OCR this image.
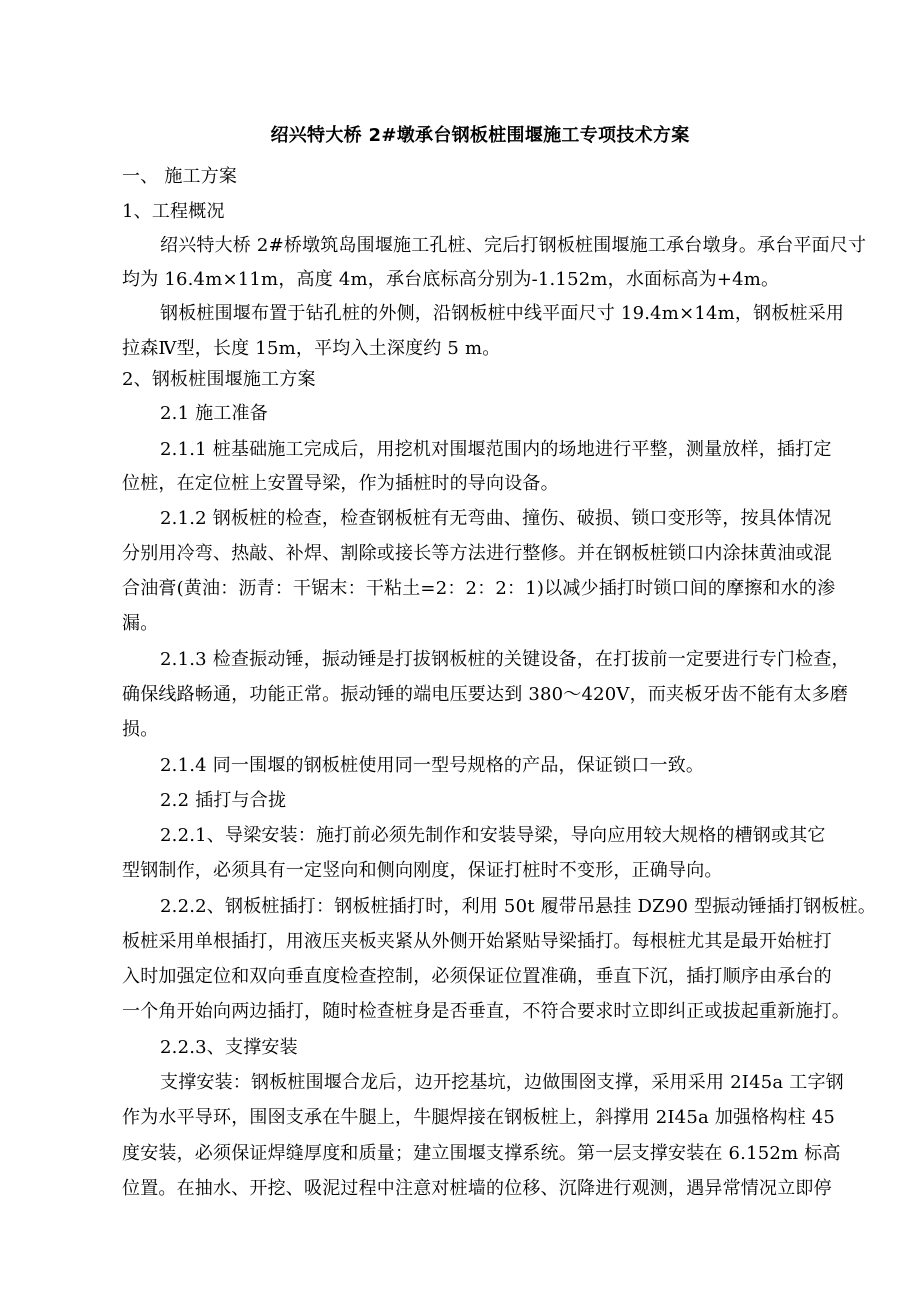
绍兴特大桥 2#墩承台钢板桩围堰施工专项技术方案
一、 施工方案
1、工程概况
绍兴特大桥 2#桥墩筑岛围堰施工孔桩、完后打钢板桩围堰施工承台墩身。承台平面尺寸
均为 16.4m×11m，高度 4m，承台底标高分别为-1.152m，水面标高为+4m。
钢板桩围堰布置于钻孔桩的外侧，沿钢板桩中线平面尺寸 19.4m×14m，钢板桩采用
拉森Ⅳ型，长度 15m，平均入土深度约 5 m。
2、钢板桩围堰施工方案
2.1 施工准备
2.1.1 桩基础施工完成后，用挖机对围堰范围内的场地进行平整，测量放样，插打定
位桩，在定位桩上安置导梁，作为插桩时的导向设备。
2.1.2 钢板桩的检查，检查钢板桩有无弯曲、撞伤、破损、锁口变形等，按具体情况
分别用冷弯、热敲、补焊、割除或接长等方法进行整修。并在钢板桩锁口内涂抹黄油或混
合油膏(黄油：沥青：干锯末：干粘土=2：2：2：1)以减少插打时锁口间的摩擦和水的渗
漏。
2.1.3 检查振动锤，振动锤是打拔钢板桩的关键设备，在打拔前一定要进行专门检查，
确保线路畅通，功能正常。振动锤的端电压要达到 380～420V，而夹板牙齿不能有太多磨
损。
2.1.4 同一围堰的钢板桩使用同一型号规格的产品，保证锁口一致。
2.2 插打与合拢
2.2.1、导梁安装：施打前必须先制作和安装导梁，导向应用较大规格的槽钢或其它
型钢制作，必须具有一定竖向和侧向刚度，保证打桩时不变形，正确导向。
2.2.2、钢板桩插打：钢板桩插打时，利用 50t 履带吊悬挂 DZ90 型振动锤插打钢板桩。
板桩采用单根插打，用液压夹板夹紧从外侧开始紧贴导梁插打。每根桩尤其是最开始桩打
入时加强定位和双向垂直度检查控制，必须保证位置准确，垂直下沉，插打顺序由承台的
一个角开始向两边插打，随时检查桩身是否垂直，不符合要求时立即纠正或拔起重新施打。
2.2.3、支撑安装
支撑安装：钢板桩围堰合龙后，边开挖基坑，边做围囹支撑，采用采用 2I45a 工字钢
作为水平导环，围囹支承在牛腿上，牛腿焊接在钢板桩上，斜撑用 2I45a 加强格构柱 45
度安装，必须保证焊缝厚度和质量；建立围堰支撑系统。第一层支撑安装在 6.152m 标高
位置。在抽水、开挖、吸泥过程中注意对桩墙的位移、沉降进行观测，遇异常情况立即停
